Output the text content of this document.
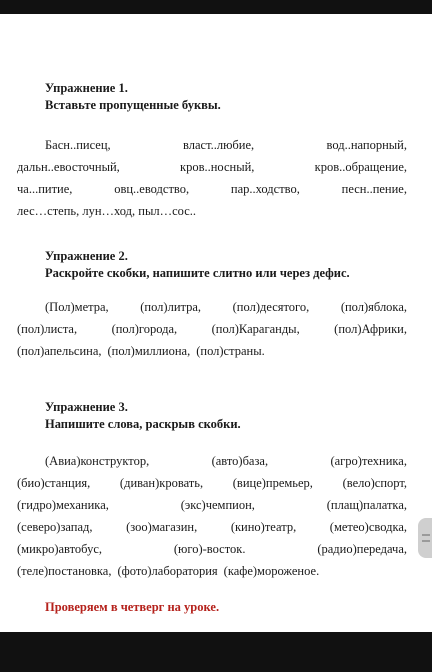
Упражнение 1.
Вставьте пропущенные буквы.
Басн..писец,	власт..любие,	вод..напорный,
дальн..евосточный,	кров..носный,	кров..обращение,
ча...питие,	овц..еводство,	пар..ходство,	песн..пение,
лес…степь, лун…ход, пыл…сос..
Упражнение 2.
Раскройте скобки, напишите слитно или через дефис.
(Пол)метра,	(пол)литра,	(пол)десятого,	(пол)яблока,
(пол)листа,	(пол)города,	(пол)Караганды,	(пол)Африки,
(пол)апельсина, (пол)миллиона, (пол)страны.
Упражнение 3.
Напишите слова, раскрыв скобки.
(Авиа)конструктор,	(авто)база,	(агро)техника,
(био)станция, (диван)кровать, (вице)премьер, (вело)спорт,
(гидро)механика,	(экс)чемпион,	(плащ)палатка,
(северо)запад,	(зоо)магазин,	(кино)театр,	(метео)сводка,
(микро)автобус,	(юго)-восток.	(радио)передача,
(теле)постановка, (фото)лаборатория (кафе)мороженое.
Проверяем в четверг на уроке.
